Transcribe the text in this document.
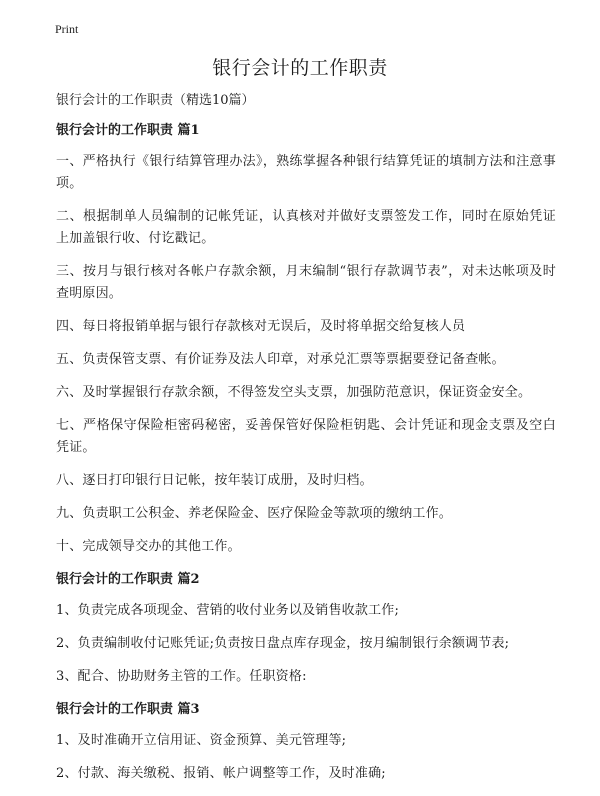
Print
银行会计的工作职责

银行会计的工作职责（精选10篇）

银行会计的工作职责 篇1

一、严格执行《银行结算管理办法》，熟练掌握各种银行结算凭证的填制方法和注意事项。

二、根据制单人员编制的记帐凭证，认真核对并做好支票签发工作，同时在原始凭证上加盖银行收、付讫戳记。

三、按月与银行核对各帐户存款余额，月末编制“银行存款调节表”，对未达帐项及时查明原因。

四、每日将报销单据与银行存款核对无误后，及时将单据交给复核人员

五、负责保管支票、有价证券及法人印章，对承兑汇票等票据要登记备查帐。

六、及时掌握银行存款余额，不得签发空头支票，加强防范意识，保证资金安全。

七、严格保守保险柜密码秘密，妥善保管好保险柜钥匙、会计凭证和现金支票及空白凭证。

八、逐日打印银行日记帐，按年装订成册，及时归档。

九、负责职工公积金、养老保险金、医疗保险金等款项的缴纳工作。

十、完成领导交办的其他工作。

银行会计的工作职责 篇2

1、负责完成各项现金、营销的收付业务以及销售收款工作;

2、负责编制收付记账凭证;负责按日盘点库存现金，按月编制银行余额调节表;

3、配合、协助财务主管的工作。任职资格:

银行会计的工作职责 篇3

1、及时准确开立信用证、资金预算、美元管理等;

2、付款、海关缴税、报销、帐户调整等工作，及时准确;
